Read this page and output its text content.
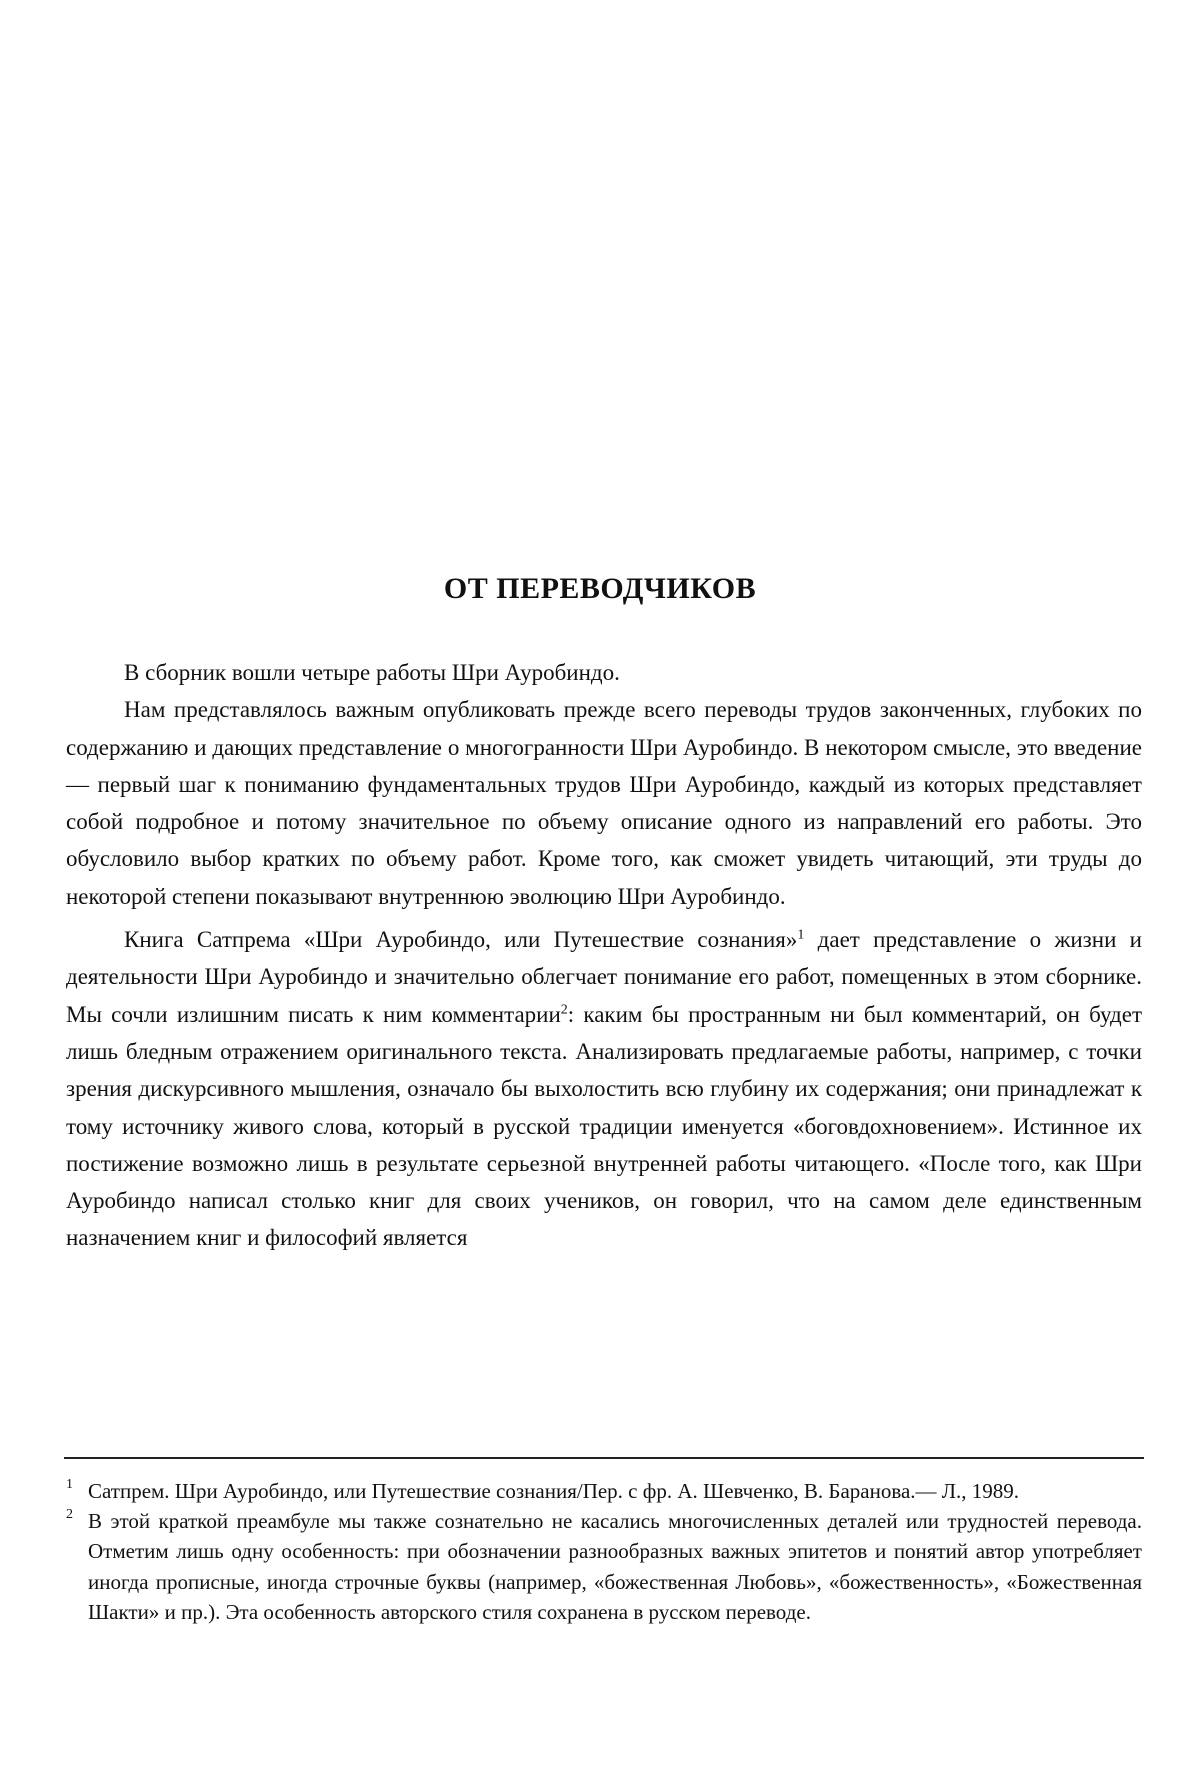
ОТ ПЕРЕВОДЧИКОВ

В сборник вошли четыре работы Шри Ауробиндо.

Нам представлялось важным опубликовать прежде всего переводы трудов законченных, глубоких по содержанию и дающих представление о многогранности Шри Ауробиндо. В некотором смысле, это введение — первый шаг к пониманию фундаментальных трудов Шри Ауробиндо, каждый из которых представляет собой подробное и потому значительное по объему описание одного из направлений его работы. Это обусловило выбор кратких по объему работ. Кроме того, как сможет увидеть читающий, эти труды до некоторой степени показывают внутреннюю эволюцию Шри Ауробиндо.

Книга Сатпрема «Шри Ауробиндо, или Путешествие сознания»$^1$ дает представление о жизни и деятельности Шри Ауробиндо и значительно облегчает понимание его работ, помещенных в этом сборнике. Мы сочли излишним писать к ним комментарии$^2$: каким бы пространным ни был комментарий, он будет лишь бледным отражением оригинального текста. Анализировать предлагаемые работы, например, с точки зрения дискурсивного мышления, означало бы выхолостить всю глубину их содержания; они принадлежат к тому источнику живого слова, который в русской традиции именуется «боговдохновением». Истинное их постижение возможно лишь в результате серьезной внутренней работы читающего. «После того, как Шри Ауробиндо написал столько книг для своих учеников, он говорил, что на самом деле единственным назначением книг и философий является

1 Сатпрем. Шри Ауробиндо, или Путешествие сознания/Пер. с фр. А. Шевченко, В. Баранова.— Л., 1989.

2 В этой краткой преамбуле мы также сознательно не касались многочисленных деталей или трудностей перевода. Отметим лишь одну особенность: при обозначении разнообразных важных эпитетов и понятий автор употребляет иногда прописные, иногда строчные буквы (например, «божественная Любовь», «божественность», «Божественная Шакти» и пр.). Эта особенность авторского стиля сохранена в русском переводе.
